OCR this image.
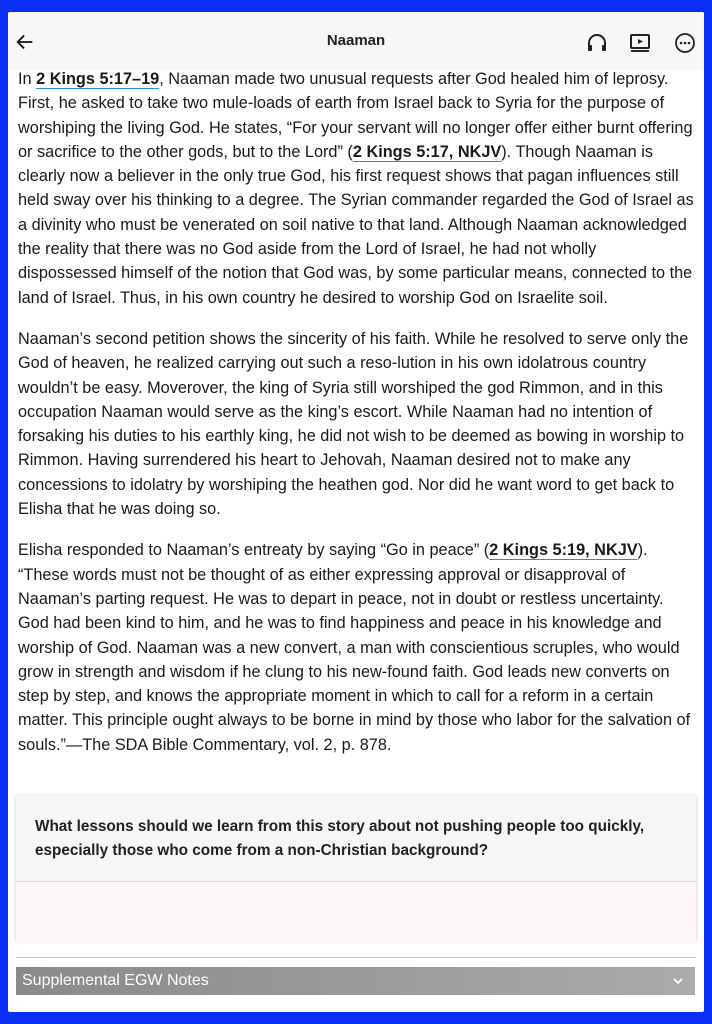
Naaman

In 2 Kings 5:17–19, Naaman made two unusual requests after God healed him of leprosy. First, he asked to take two mule-loads of earth from Israel back to Syria for the purpose of worshiping the living God. He states, “For your servant will no longer offer either burnt offering or sacrifice to the other gods, but to the Lord” (2 Kings 5:17, NKJV). Though Naaman is clearly now a believer in the only true God, his first request shows that pagan influences still held sway over his thinking to a degree. The Syrian commander regarded the God of Israel as a divinity who must be venerated on soil native to that land. Although Naaman acknowledged the reality that there was no God aside from the Lord of Israel, he had not wholly dispossessed himself of the notion that God was, by some particular means, connected to the land of Israel. Thus, in his own country he desired to worship God on Israelite soil.

Naaman’s second petition shows the sincerity of his faith. While he resolved to serve only the God of heaven, he realized carrying out such a reso-lution in his own idolatrous country wouldn’t be easy. Moverover, the king of Syria still worshiped the god Rimmon, and in this occupation Naaman would serve as the king’s escort. While Naaman had no intention of forsaking his duties to his earthly king, he did not wish to be deemed as bowing in worship to Rimmon. Having surrendered his heart to Jehovah, Naaman desired not to make any concessions to idolatry by worshiping the heathen god. Nor did he want word to get back to Elisha that he was doing so.

Elisha responded to Naaman’s entreaty by saying “Go in peace” (2 Kings 5:19, NKJV). “These words must not be thought of as either expressing approval or disapproval of Naaman’s parting request. He was to depart in peace, not in doubt or restless uncertainty. God had been kind to him, and he was to find happiness and peace in his knowledge and worship of God. Naaman was a new convert, a man with conscientious scruples, who would grow in strength and wisdom if he clung to his new-found faith. God leads new converts on step by step, and knows the appropriate moment in which to call for a reform in a certain matter. This principle ought always to be borne in mind by those who labor for the salvation of souls.”—The SDA Bible Commentary, vol. 2, p. 878.

What lessons should we learn from this story about not pushing people too quickly, especially those who come from a non-Christian background?
Supplemental EGW Notes
